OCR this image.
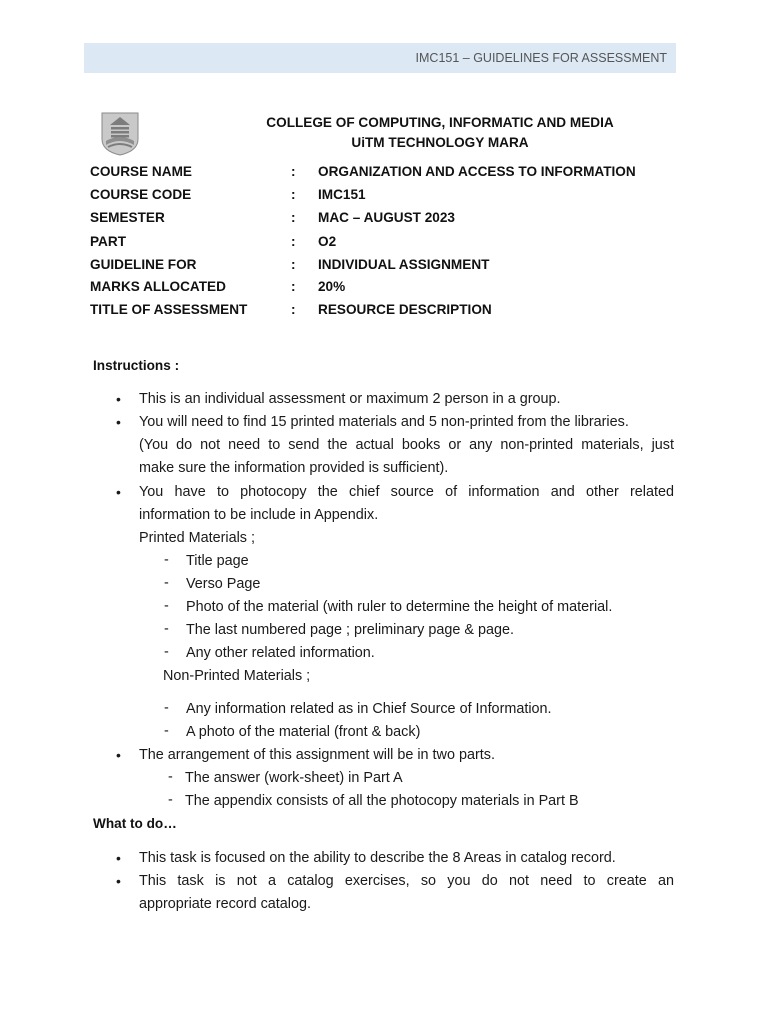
IMC151 – GUIDELINES FOR ASSESSMENT
COLLEGE OF COMPUTING, INFORMATIC AND MEDIA
UiTM TECHNOLOGY MARA
COURSE NAME	: ORGANIZATION AND ACCESS TO INFORMATION
COURSE CODE	: IMC151
SEMESTER	: MAC – AUGUST 2023
PART	: O2
GUIDELINE FOR	: INDIVIDUAL ASSIGNMENT
MARKS ALLOCATED	: 20%
TITLE OF ASSESSMENT	: RESOURCE DESCRIPTION
Instructions :
• This is an individual assessment or maximum 2 person in a group.
• You will need to find 15 printed materials and 5 non-printed from the libraries.
(You do not need to send the actual books or any non-printed materials, just
make sure the information provided is sufficient).
• You have to photocopy the chief source of information and other related
information to be include in Appendix.
Printed Materials ;
- Title page
- Verso Page
- Photo of the material (with ruler to determine the height of material.
- The last numbered page ; preliminary page & page.
- Any other related information.
Non-Printed Materials ;
- Any information related as in Chief Source of Information.
- A photo of the material (front & back)
• The arrangement of this assignment will be in two parts.
- The answer (work-sheet) in Part A
- The appendix consists of all the photocopy materials in Part B
What to do…
• This task is focused on the ability to describe the 8 Areas in catalog record.
• This task is not a catalog exercises, so you do not need to create an
appropriate record catalog.
